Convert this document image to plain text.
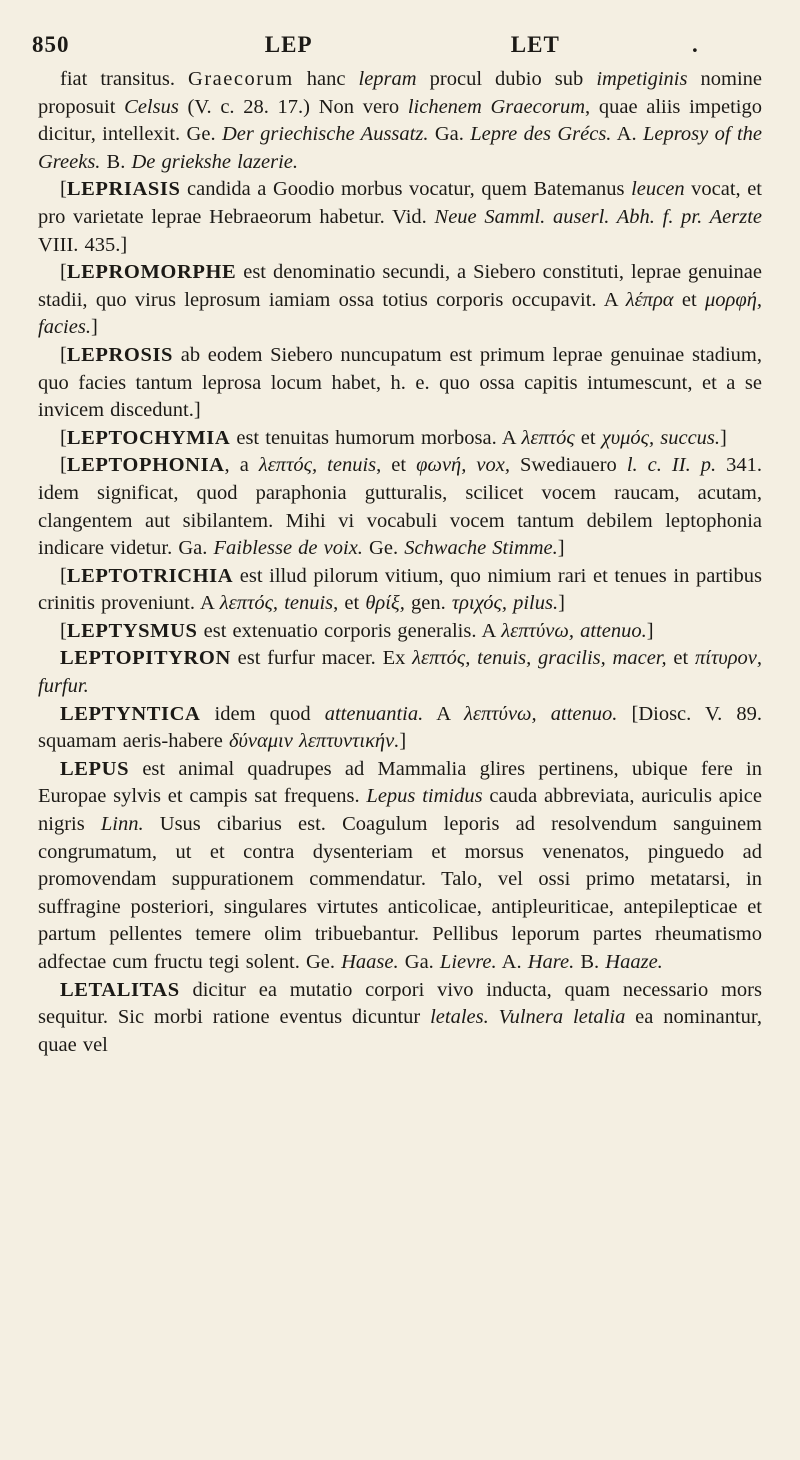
850	LEP	LET	.

fiat transitus. Graecorum hanc lepram procul dubio sub impetiginis nomine proposuit Celsus (V. c. 28. 17.) Non vero lichenem Graecorum, quae aliis impetigo dicitur, intellexit. Ge. Der griechische Aussatz. Ga. Lepre des Grécs. A. Leprosy of the Greeks. B. De griekshe lazerie.

[LEPRIASIS candida a Goodio morbus vocatur, quem Batemanus leucen vocat, et pro varietate leprae Hebraeorum habetur. Vid. Neue Samml. auserl. Abh. f. pr. Aerzte VIII. 435.]

[LEPROMORPHE est denominatio secundi, a Siebero constituti, leprae genuinae stadii, quo virus leprosum iamiam ossa totius corporis occupavit. A λέπρα et μορφή, facies.]

[LEPROSIS ab eodem Siebero nuncupatum est primum leprae genuinae stadium, quo facies tantum leprosa locum habet, h. e. quo ossa capitis intumescunt, et a se invicem discedunt.]

[LEPTOCHYMIA est tenuitas humorum morbosa. A λεπτός et χυμός, succus.]

[LEPTOPHONIA, a λεπτός, tenuis, et φωνή, vox, Swediauero l. c. II. p. 341. idem significat, quod paraphonia gutturalis, scilicet vocem raucam, acutam, clangentem aut sibilantem. Mihi vi vocabuli vocem tantum debilem leptophonia indicare videtur. Ga. Faiblesse de voix. Ge. Schwache Stimme.]

[LEPTOTRICHIA est illud pilorum vitium, quo nimium rari et tenues in partibus crinitis proveniunt. A λεπτός, tenuis, et θρίξ, gen. τριχός, pilus.]

[LEPTYSMUS est extenuatio corporis generalis. A λεπτύνω, attenuo.]

LEPTOPITYRON est furfur macer. Ex λεπτός, tenuis, gracilis, macer, et πίτυρον, furfur.

LEPTYNTICA idem quod attenuantia. A λεπτύνω, attenuo. [Diosc. V. 89. squamam aeris-habere δύναμιν λεπτυντικήν.]

LEPUS est animal quadrupes ad Mammalia glires pertinens, ubique fere in Europae sylvis et campis sat frequens. Lepus timidus cauda abbreviata, auriculis apice nigris Linn. Usus cibarius est. Coagulum leporis ad resolvendum sanguinem congrumatum, ut et contra dysenteriam et morsus venenatos, pinguedo ad promovendam suppurationem commendatur. Talo, vel ossi primo metatarsi, in suffragine posteriori, singulares virtutes anticolicae, antipleuriticae, antepilepticae et partum pellentes temere olim tribuebantur. Pellibus leporum partes rheumatismo adfectae cum fructu tegi solent. Ge. Haase. Ga. Lievre. A. Hare. B. Haaze.

LETALITAS dicitur ea mutatio corpori vivo inducta, quam necessario mors sequitur. Sic morbi ratione eventus dicuntur letales. Vulnera letalia ea nominantur, quae vel
